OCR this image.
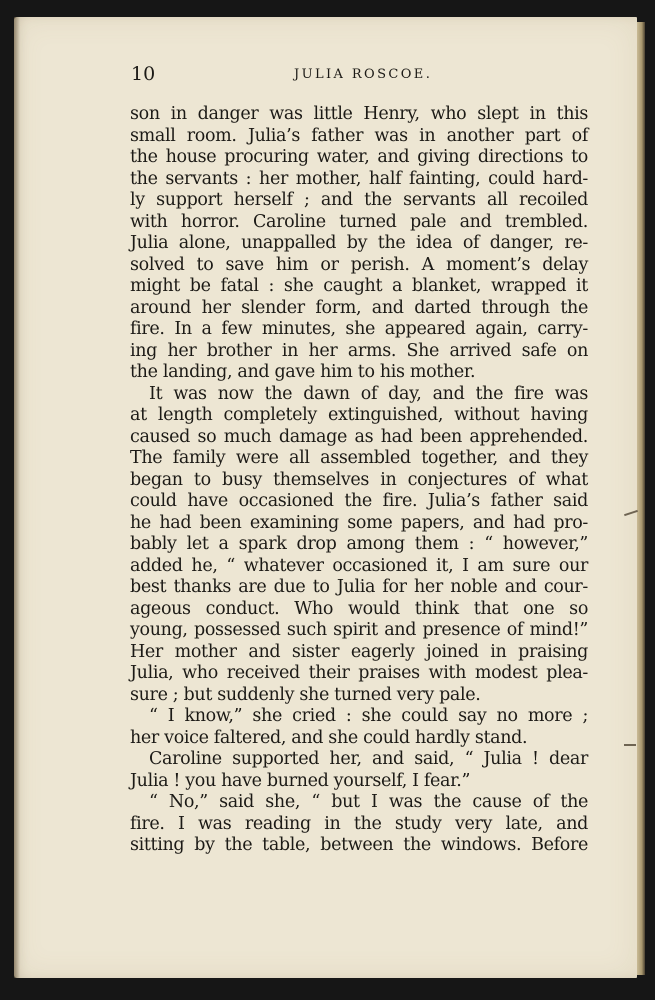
10	JULIA ROSCOE.
son in danger was little Henry, who slept in this
small room. Julia’s father was in another part of
the house procuring water, and giving directions to
the servants : her mother, half fainting, could hard-
ly support herself ; and the servants all recoiled
with horror. Caroline turned pale and trembled.
Julia alone, unappalled by the idea of danger, re-
solved to save him or perish. A moment’s delay
might be fatal : she caught a blanket, wrapped it
around her slender form, and darted through the
fire. In a few minutes, she appeared again, carry-
ing her brother in her arms. She arrived safe on
the landing, and gave him to his mother.
It was now the dawn of day, and the fire was
at length completely extinguished, without having
caused so much damage as had been apprehended.
The family were all assembled together, and they
began to busy themselves in conjectures of what
could have occasioned the fire. Julia’s father said
he had been examining some papers, and had pro-
bably let a spark drop among them : “ however,”
added he, “ whatever occasioned it, I am sure our
best thanks are due to Julia for her noble and cour-
ageous conduct. Who would think that one so
young, possessed such spirit and presence of mind!”
Her mother and sister eagerly joined in praising
Julia, who received their praises with modest plea-
sure ; but suddenly she turned very pale.
“ I know,” she cried : she could say no more ;
her voice faltered, and she could hardly stand.
Caroline supported her, and said, “ Julia ! dear
Julia ! you have burned yourself, I fear.”
“ No,” said she, “ but I was the cause of the
fire. I was reading in the study very late, and
sitting by the table, between the windows. Before
